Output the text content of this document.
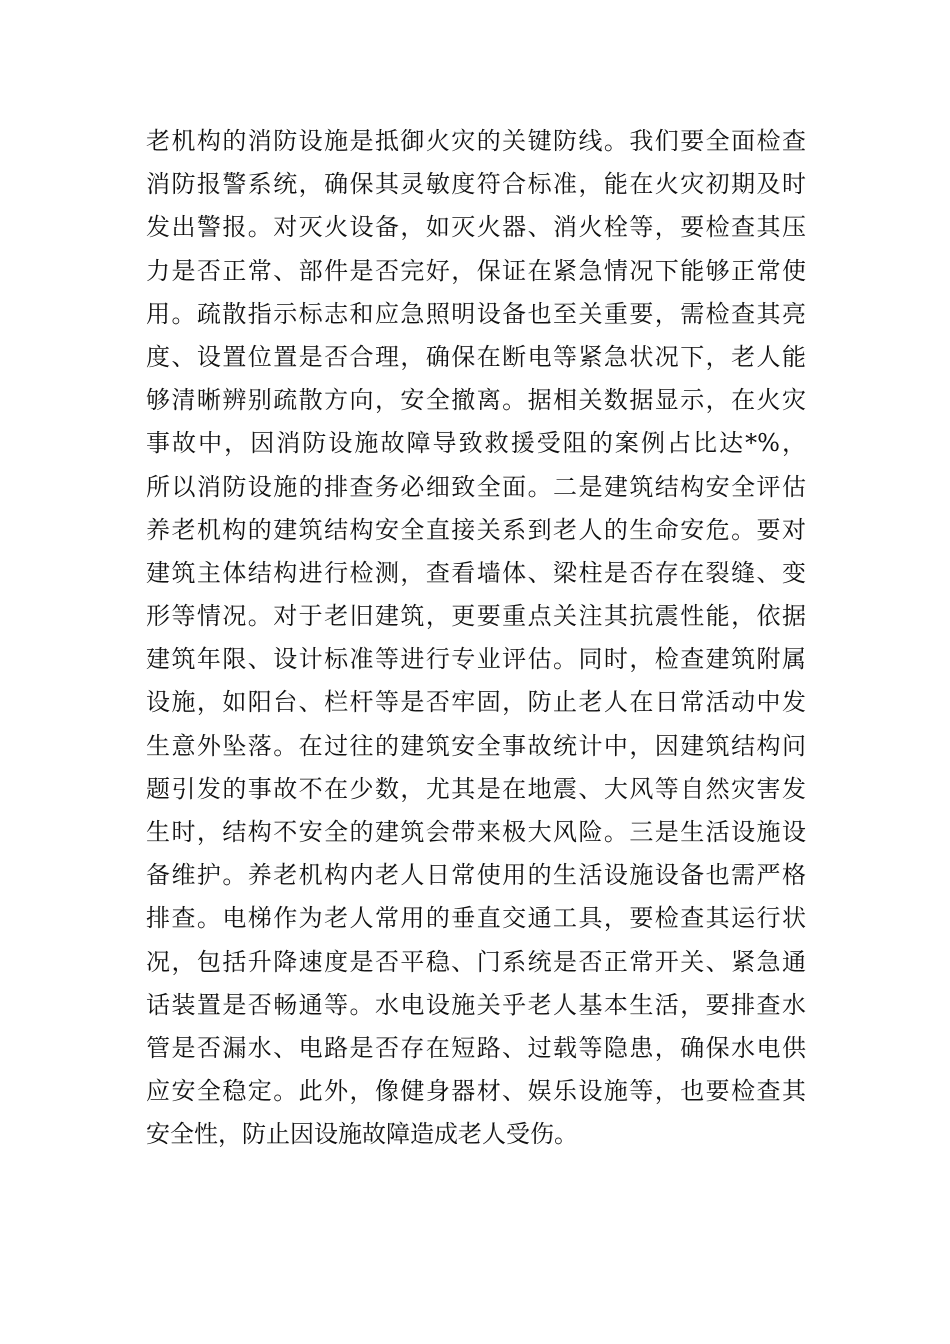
老机构的消防设施是抵御火灾的关键防线。我们要全面检查
消防报警系统，确保其灵敏度符合标准，能在火灾初期及时
发出警报。对灭火设备，如灭火器、消火栓等，要检查其压
力是否正常、部件是否完好，保证在紧急情况下能够正常使
用。疏散指示标志和应急照明设备也至关重要，需检查其亮
度、设置位置是否合理，确保在断电等紧急状况下，老人能
够清晰辨别疏散方向，安全撤离。据相关数据显示，在火灾
事故中，因消防设施故障导致救援受阻的案例占比达*%，
所以消防设施的排查务必细致全面。二是建筑结构安全评估
养老机构的建筑结构安全直接关系到老人的生命安危。要对
建筑主体结构进行检测，查看墙体、梁柱是否存在裂缝、变
形等情况。对于老旧建筑，更要重点关注其抗震性能，依据
建筑年限、设计标准等进行专业评估。同时，检查建筑附属
设施，如阳台、栏杆等是否牢固，防止老人在日常活动中发
生意外坠落。在过往的建筑安全事故统计中，因建筑结构问
题引发的事故不在少数，尤其是在地震、大风等自然灾害发
生时，结构不安全的建筑会带来极大风险。三是生活设施设
备维护。养老机构内老人日常使用的生活设施设备也需严格
排查。电梯作为老人常用的垂直交通工具，要检查其运行状
况，包括升降速度是否平稳、门系统是否正常开关、紧急通
话装置是否畅通等。水电设施关乎老人基本生活，要排查水
管是否漏水、电路是否存在短路、过载等隐患，确保水电供
应安全稳定。此外，像健身器材、娱乐设施等，也要检查其
安全性，防止因设施故障造成老人受伤。
